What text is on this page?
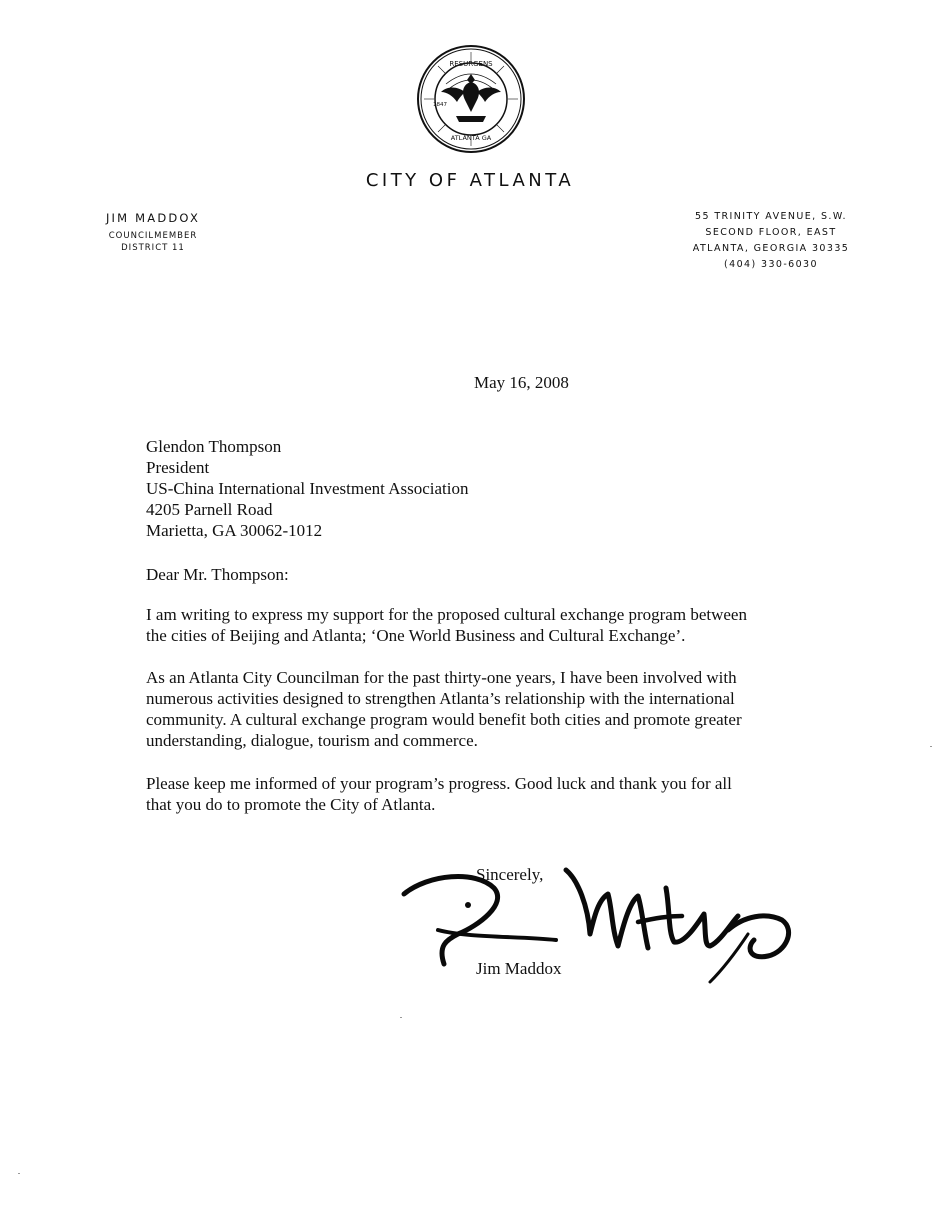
RESURGENS
ATLANTA GA
1847
CITY OF ATLANTA
JIM MADDOX
COUNCILMEMBER
DISTRICT 11
55 TRINITY AVENUE, S.W.
SECOND FLOOR, EAST
ATLANTA, GEORGIA 30335
(404) 330-6030
May 16, 2008
Glendon Thompson
President
US-China International Investment Association
4205 Parnell Road
Marietta, GA 30062-1012
Dear Mr. Thompson:
I am writing to express my support for the proposed cultural exchange program between
the cities of Beijing and Atlanta; ‘One World Business and Cultural Exchange’.
As an Atlanta City Councilman for the past thirty-one years, I have been involved with
numerous activities designed to strengthen Atlanta’s relationship with the international
community. A cultural exchange program would benefit both cities and promote greater
understanding, dialogue, tourism and commerce.
Please keep me informed of your program’s progress. Good luck and thank you for all
that you do to promote the City of Atlanta.
Sincerely,
Jim Maddox
